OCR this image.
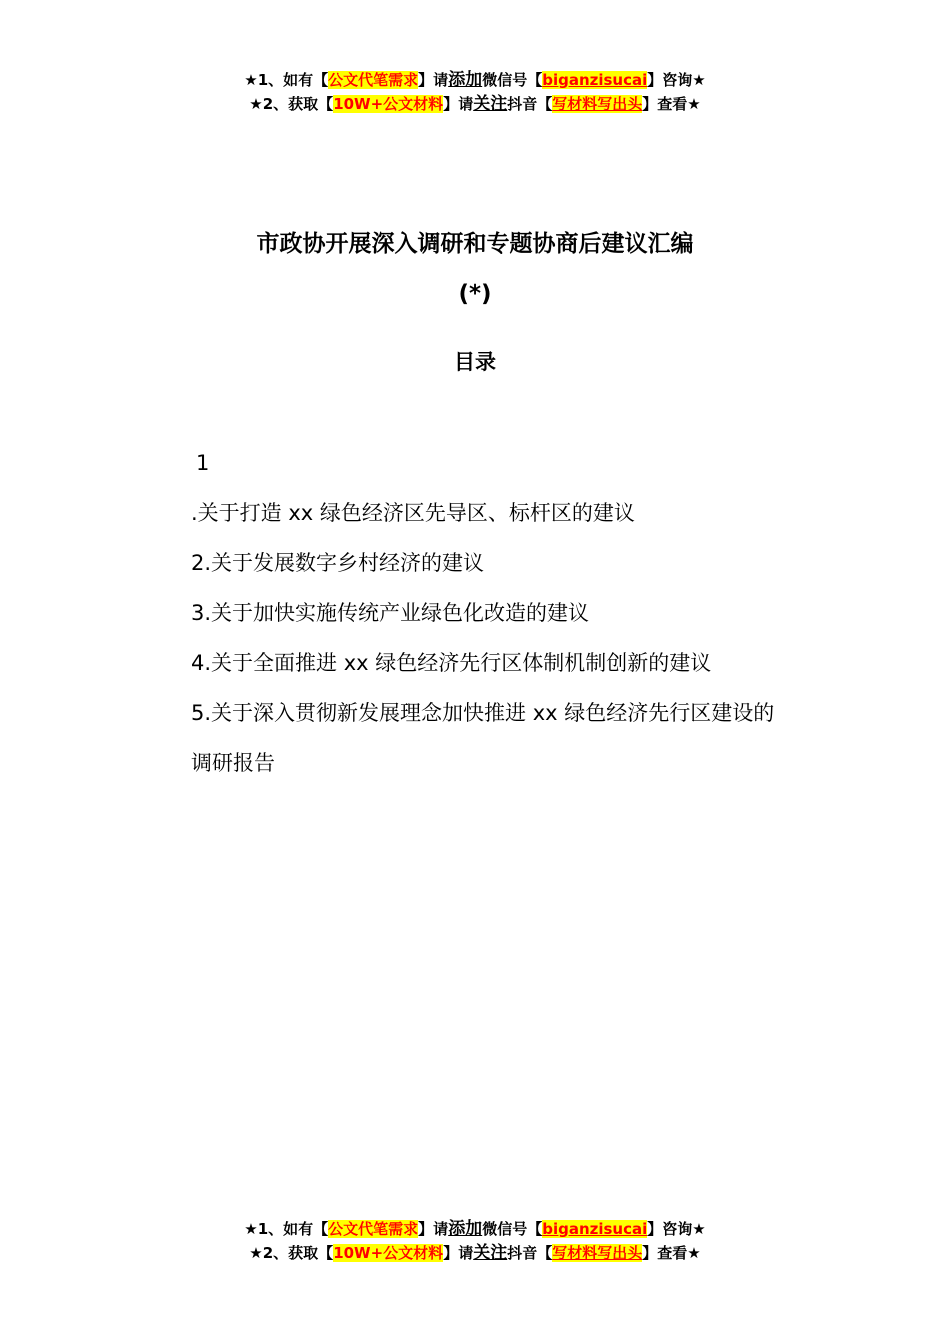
★1、如有【公文代笔需求】请添加微信号【biganzisucai】咨询★
★2、获取【10W+公文材料】请关注抖音【写材料写出头】查看★
市政协开展深入调研和专题协商后建议汇编
(*)
目录
1
.关于打造 xx 绿色经济区先导区、标杆区的建议
2.关于发展数字乡村经济的建议
3.关于加快实施传统产业绿色化改造的建议
4.关于全面推进 xx 绿色经济先行区体制机制创新的建议
5.关于深入贯彻新发展理念加快推进 xx 绿色经济先行区建设的
调研报告
★1、如有【公文代笔需求】请添加微信号【biganzisucai】咨询★
★2、获取【10W+公文材料】请关注抖音【写材料写出头】查看★
